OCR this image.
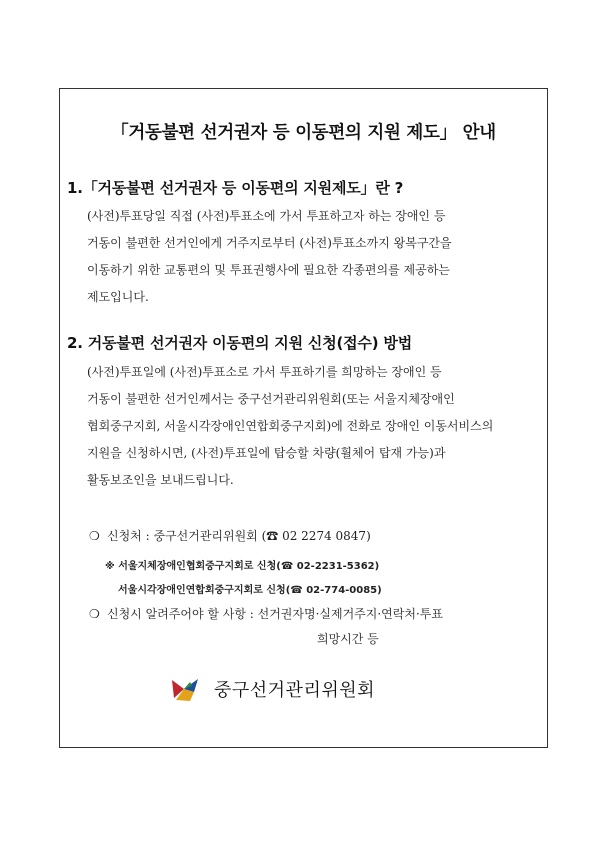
「거동불편 선거권자 등 이동편의 지원 제도」 안내
1.「거동불편 선거권자 등 이동편의 지원제도」란 ?
(사전)투표당일 직접 (사전)투표소에 가서 투표하고자 하는 장애인 등
거동이 불편한 선거인에게 거주지로부터 (사전)투표소까지 왕복구간을
이동하기 위한 교통편의 및 투표권행사에 필요한 각종편의를 제공하는
제도입니다.
2. 거동불편 선거권자 이동편의 지원 신청(접수) 방법
(사전)투표일에 (사전)투표소로 가서 투표하기를 희망하는 장애인 등
거동이 불편한 선거인께서는 중구선거관리위원회(또는 서울지체장애인
협회중구지회, 서울시각장애인연합회중구지회)에 전화로 장애인 이동서비스의
지원을 신청하시면, (사전)투표일에 탑승할 차량(휠체어 탑재 가능)과
활동보조인을 보내드립니다.
❍ 신청처 : 중구선거관리위원회 (☎ 02 2274 0847)
※ 서울지체장애인협회중구지회로 신청(☎ 02-2231-5362)
서울시각장애인연합회중구지회로 신청(☎ 02-774-0085)
❍ 신청시 알려주어야 할 사항 : 선거권자명·실제거주지·연락처·투표
희망시간 등
중구선거관리위원회
